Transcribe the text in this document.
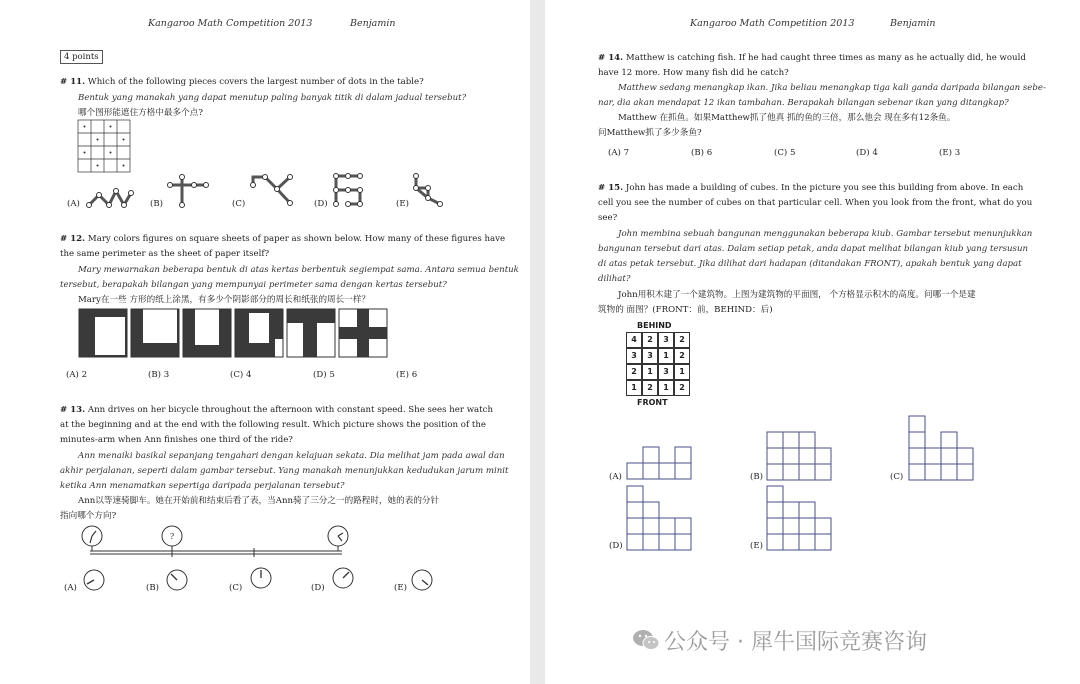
Kangaroo Math Competition 2013	Benjamin
4 points
# 11. Which of the following pieces covers the largest number of dots in the table?
Bentuk yang manakah yang dapat menutup paling banyak titik di dalam jadual tersebut?
哪个图形能遮住方格中最多个点?
(A)	(B)	(C)	(D)	(E)
# 12. Mary colors figures on square sheets of paper as shown below. How many of these figures have
the same perimeter as the sheet of paper itself?
Mary mewarnakan beberapa bentuk di atas kertas berbentuk segiempat sama. Antara semua bentuk
tersebut, berapakah bilangan yang mempunyai perimeter sama dengan kertas tersebut?
Mary在一些 方形的纸上涂黑，有多少个阴影部分的周长和纸张的周长一样？
(A) 2	(B) 3	(C) 4	(D) 5	(E) 6
# 13. Ann drives on her bicycle throughout the afternoon with constant speed. She sees her watch
at the beginning and at the end with the following result. Which picture shows the position of the
minutes-arm when Ann finishes one third of the ride?
Ann menaiki basikal sepanjang tengahari dengan kelajuan sekata. Dia melihat jam pada awal dan
akhir perjalanan, seperti dalam gambar tersebut. Yang manakah menunjukkan kedudukan jarum minit
ketika Ann menamatkan sepertiga daripada perjalanan tersebut?
Ann以等速骑脚车。她在开始前和结束后看了表，当Ann骑了三分之一的路程时，她的表的分针
指向哪个方向?
?
(A)	(B)	(C)	(D)	(E)
Kangaroo Math Competition 2013	Benjamin
# 14. Matthew is catching fish. If he had caught three times as many as he actually did, he would
have 12 more. How many fish did he catch?
Matthew sedang menangkap ikan. Jika beliau menangkap tiga kali ganda daripada bilangan sebe-
nar, dia akan mendapat 12 ikan tambahan. Berapakah bilangan sebenar ikan yang ditangkap?
Matthew 在抓鱼。如果Matthew抓了他真 抓的鱼的三倍，那么他会 现在多有12条鱼。
问Matthew抓了多少条鱼?
(A) 7	(B) 6	(C) 5	(D) 4	(E) 3
# 15. John has made a building of cubes. In the picture you see this building from above. In each
cell you see the number of cubes on that particular cell. When you look from the front, what do you
see?
John membina sebuah bangunan menggunakan beberapa kiub. Gambar tersebut menunjukkan
bangunan tersebut dari atas. Dalam setiap petak, anda dapat melihat bilangan kiub yang tersusun
di atas petak tersebut. Jika dilihat dari hadapan (ditandakan FRONT), apakah bentuk yang dapat
dilihat?
John用积木建了一个建筑物。上图为建筑物的平面图， 个方格显示积木的高度。问哪一个是建
筑物的 面图？(FRONT：前，BEHIND：后)
BEHIND
4	2	3	2
3	3	1	2
2	1	3	1
1	2	1	2
FRONT
(A)	(B)	(C)
(D)	(E)
公众号 · 犀牛国际竞赛咨询
